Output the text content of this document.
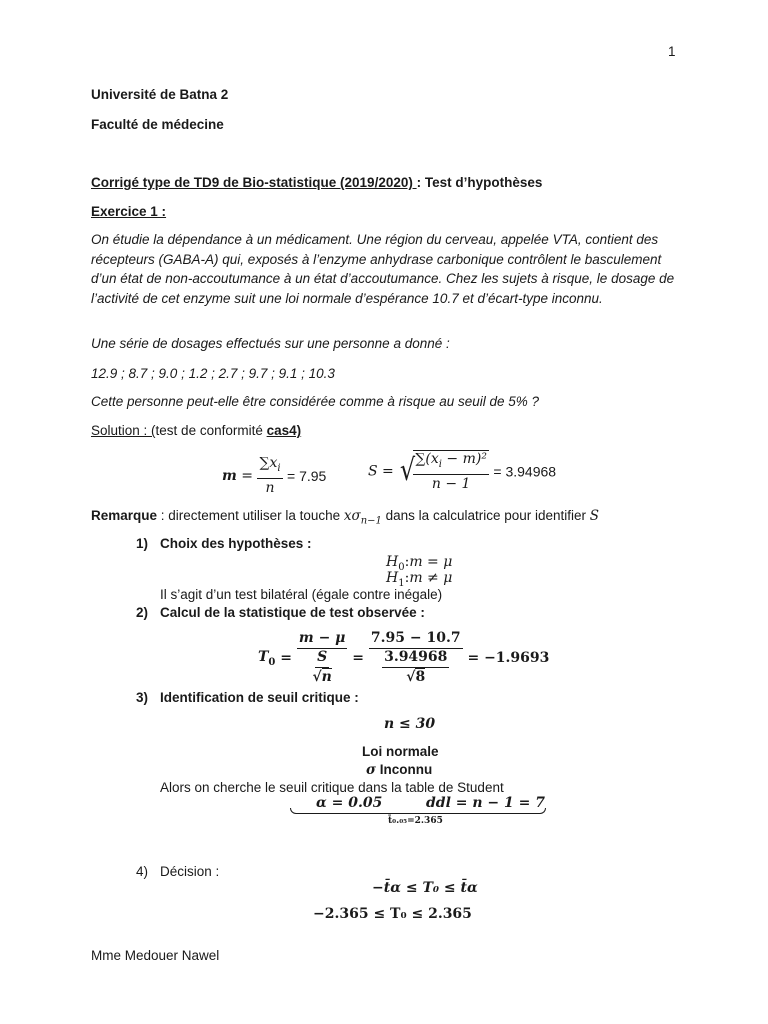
1
Université de Batna 2
Faculté de médecine
Corrigé type de TD9 de Bio-statistique (2019/2020) : Test d’hypothèses
Exercice 1 :
On étudie la dépendance à un médicament. Une région du cerveau, appelée VTA, contient des récepteurs (GABA-A) qui, exposés à l’enzyme anhydrase carbonique contrôlent le basculement d’un état de non-accoutumance à un état d’accoutumance. Chez les sujets à risque, le dosage de l’activité de cet enzyme suit une loi normale d’espérance 10.7 et d’écart-type inconnu.
Une série de dosages effectués sur une personne a donné :
12.9 ; 8.7 ; 9.0 ; 1.2 ; 2.7 ; 9.7 ; 9.1 ; 10.3
Cette personne peut-elle être considérée comme à risque au seuil de 5% ?
Solution : (test de conformité cas4)
$m = \frac{\sum x_i}{n} = 7.95$	S = √
$\frac{\sum(x_i - m)^2}{n - 1} = 3.94968$
Remarque : directement utiliser la touche $x\sigma_{n-1}$ dans la calculatrice pour identifier S
1) Choix des hypothèses :
$H_0:m = \mu$
$H_1:m \ne \mu$
Il s’agit d’un test bilatéral (égale contre inégale)
2) Calcul de la statistique de test observée :
$T_0 = \frac{m - \mu}{\frac{S}{√n}} = \frac{7.95 - 10.7}{\frac{3.94968}{√8}} = -1.9693$
3) Identification de seuil critique :
n ≤ 30
Loi normale
σ Inconnu
Alors on cherche le seuil critique dans la table de Student
α = 0.05	ddl = n − 1 = 7
t̄₀.₀₅=2.365
4) Décision :
−t̄α ≤ T₀ ≤ t̄α
−2.365 ≤ T₀ ≤ 2.365
Mme Medouer Nawel
